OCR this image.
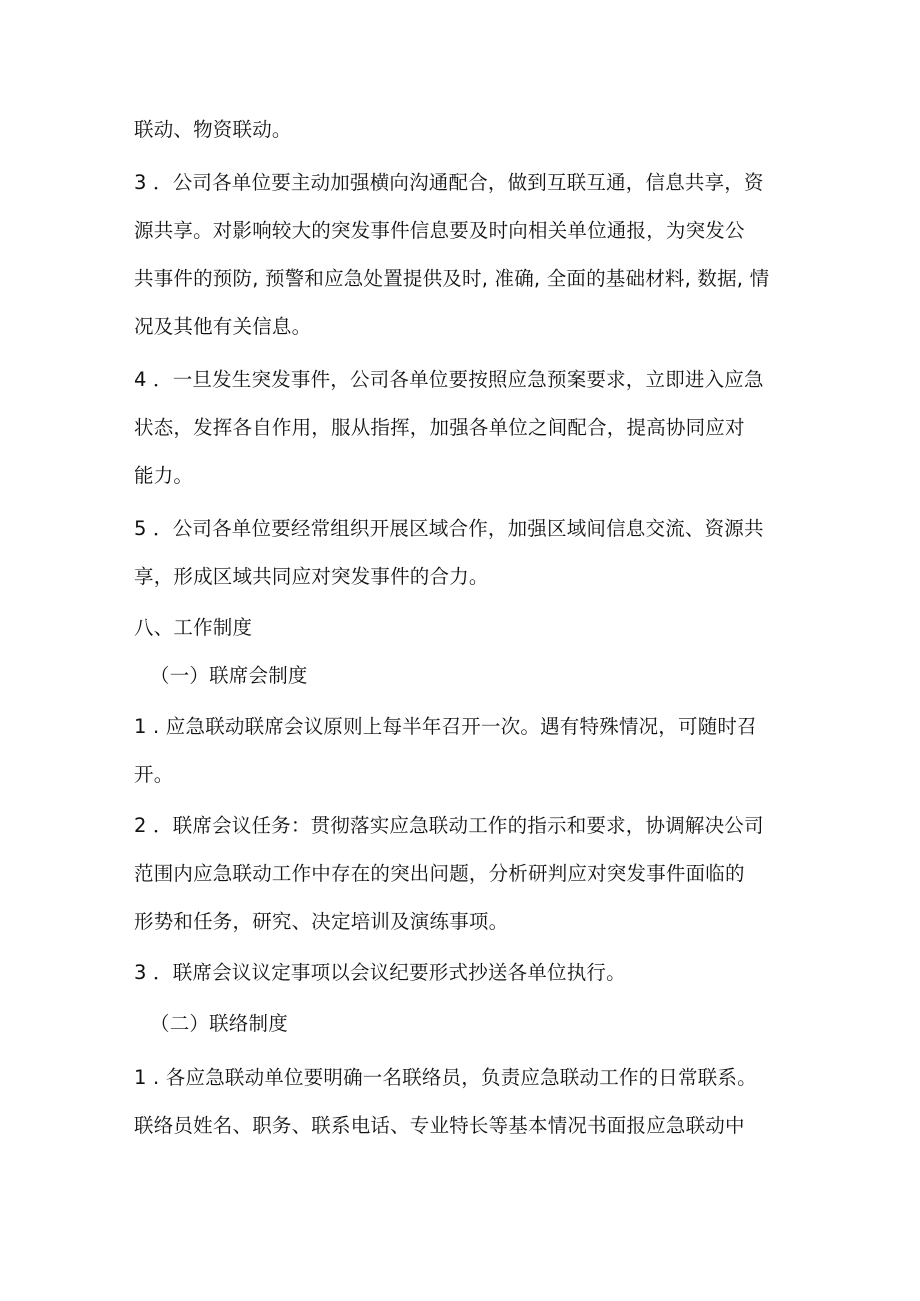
联动、物资联动。
3 ．公司各单位要主动加强横向沟通配合，做到互联互通，信息共享，资
源共享。对影响较大的突发事件信息要及时向相关单位通报，为突发公
共事件的预防, 预警和应急处置提供及时, 准确, 全面的基础材料, 数据, 情
况及其他有关信息。
4 ．一旦发生突发事件，公司各单位要按照应急预案要求，立即进入应急
状态，发挥各自作用，服从指挥，加强各单位之间配合，提高协同应对
能力。
5 ．公司各单位要经常组织开展区域合作，加强区域间信息交流、资源共
享，形成区域共同应对突发事件的合力。
八、工作制度
（一）联席会制度
1 . 应急联动联席会议原则上每半年召开一次。遇有特殊情况，可随时召
开。
2 ．联席会议任务：贯彻落实应急联动工作的指示和要求，协调解决公司
范围内应急联动工作中存在的突出问题，分析研判应对突发事件面临的
形势和任务，研究、决定培训及演练事项。
3 ．联席会议议定事项以会议纪要形式抄送各单位执行。
（二）联络制度
1 . 各应急联动单位要明确一名联络员，负责应急联动工作的日常联系。
联络员姓名、职务、联系电话、专业特长等基本情况书面报应急联动中
